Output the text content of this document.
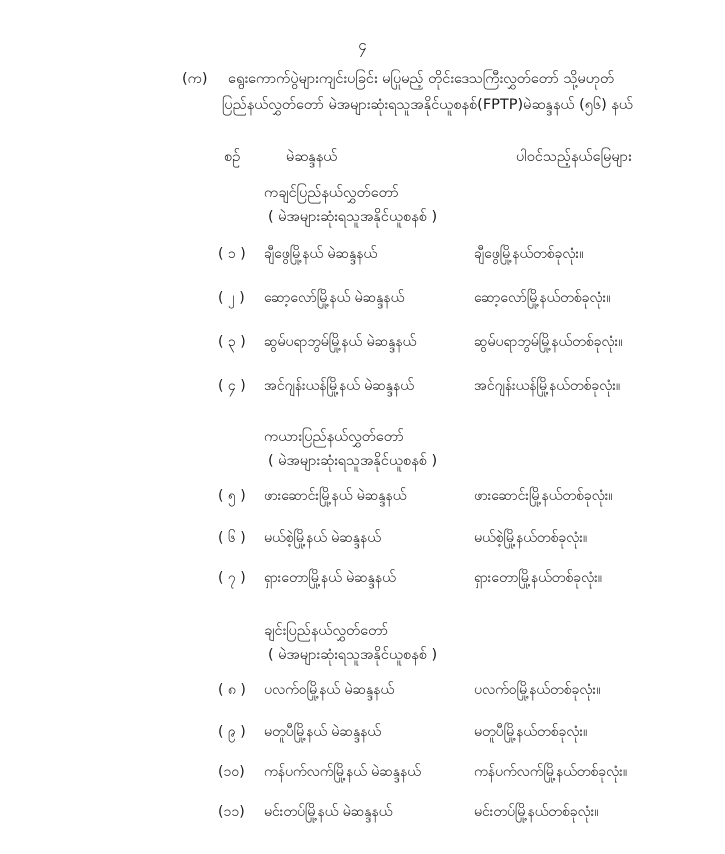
၄
(က) ရွေးကောက်ပွဲများကျင်းပခြင်း မပြုမည့် တိုင်းဒေသကြီးလွှတ်တော် သို့မဟုတ်
ပြည်နယ်လွှတ်တော် မဲအများဆုံးရသူအနိုင်ယူစနစ်(FPTP)မဲဆန္ဒနယ် (၅၆) နယ်
စဉ်	မဲဆန္ဒနယ်	ပါဝင်သည့်နယ်မြေများ
ကချင်ပြည်နယ်လွှတ်တော်
( မဲအများဆုံးရသူအနိုင်ယူစနစ် )
( ၁ ) ချီဖွေမြို့နယ် မဲဆန္ဒနယ်	ချီဖွေမြို့နယ်တစ်ခုလုံး။
( ၂ ) ဆော့လော်မြို့နယ် မဲဆန္ဒနယ်	ဆော့လော်မြို့နယ်တစ်ခုလုံး။
( ၃ ) ဆွမ်ပရာဘွမ်မြို့နယ် မဲဆန္ဒနယ်	ဆွမ်ပရာဘွမ်မြို့နယ်တစ်ခုလုံး။
( ၄ ) အင်ဂျန်းယန်မြို့နယ် မဲဆန္ဒနယ်	အင်ဂျန်းယန်မြို့နယ်တစ်ခုလုံး။
ကယားပြည်နယ်လွှတ်တော်
( မဲအများဆုံးရသူအနိုင်ယူစနစ် )
( ၅ ) ဖားဆောင်းမြို့နယ် မဲဆန္ဒနယ်	ဖားဆောင်းမြို့နယ်တစ်ခုလုံး။
( ၆ ) မယ်စဲ့မြို့နယ် မဲဆန္ဒနယ်	မယ်စဲ့မြို့နယ်တစ်ခုလုံး။
( ၇ ) ရှားတောမြို့နယ် မဲဆန္ဒနယ်	ရှားတောမြို့နယ်တစ်ခုလုံး။
ချင်းပြည်နယ်လွှတ်တော်
( မဲအများဆုံးရသူအနိုင်ယူစနစ် )
( ၈ ) ပလက်ဝမြို့နယ် မဲဆန္ဒနယ်	ပလက်ဝမြို့နယ်တစ်ခုလုံး။
( ၉ ) မတူပီမြို့နယ် မဲဆန္ဒနယ်	မတူပီမြို့နယ်တစ်ခုလုံး။
(၁၀) ကန်ပက်လက်မြို့နယ် မဲဆန္ဒနယ်	ကန်ပက်လက်မြို့နယ်တစ်ခုလုံး။
(၁၁) မင်းတပ်မြို့နယ် မဲဆန္ဒနယ်	မင်းတပ်မြို့နယ်တစ်ခုလုံး။
